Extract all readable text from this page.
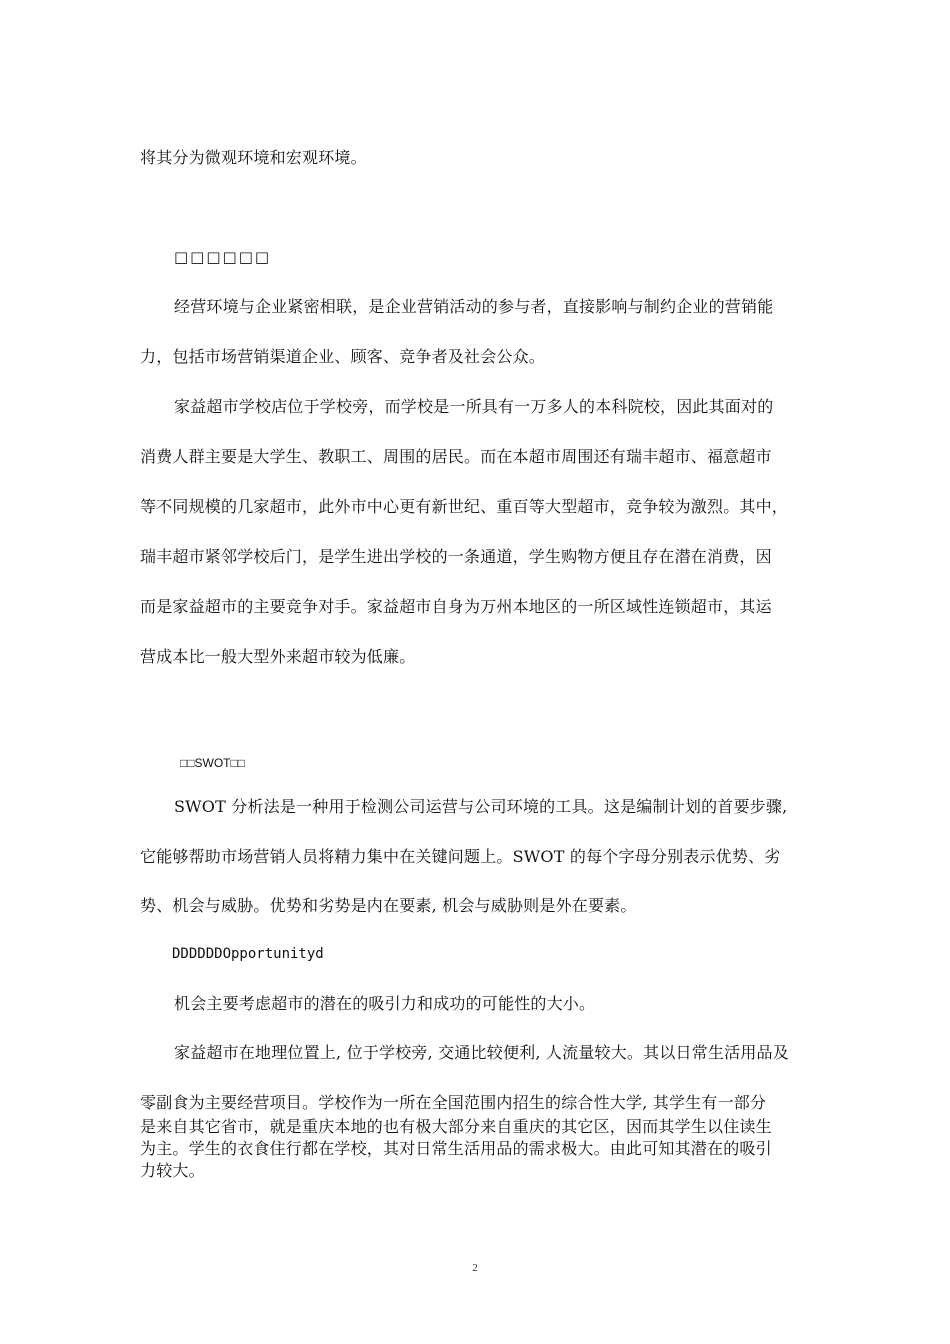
将其分为微观环境和宏观环境。
□□□□□□
经营环境与企业紧密相联，是企业营销活动的参与者，直接影响与制约企业的营销能
力，包括市场营销渠道企业、顾客、竞争者及社会公众。
家益超市学校店位于学校旁，而学校是一所具有一万多人的本科院校，因此其面对的
消费人群主要是大学生、教职工、周围的居民。而在本超市周围还有瑞丰超市、福意超市
等不同规模的几家超市，此外市中心更有新世纪、重百等大型超市，竞争较为激烈。其中，
瑞丰超市紧邻学校后门，是学生进出学校的一条通道，学生购物方便且存在潜在消费，因
而是家益超市的主要竞争对手。家益超市自身为万州本地区的一所区域性连锁超市，其运
营成本比一般大型外来超市较为低廉。
□□SWOT□□
SWOT 分析法是一种用于检测公司运营与公司环境的工具。这是编制计划的首要步骤,
它能够帮助市场营销人员将精力集中在关键问题上。SWOT 的每个字母分别表示优势、劣
势、机会与威胁。优势和劣势是内在要素, 机会与威胁则是外在要素。
DDDDDDOpportunityd
机会主要考虑超市的潜在的吸引力和成功的可能性的大小。
家益超市在地理位置上, 位于学校旁, 交通比较便利, 人流量较大。其以日常生活用品及
零副食为主要经营项目。学校作为一所在全国范围内招生的综合性大学, 其学生有一部分
是来自其它省市，就是重庆本地的也有极大部分来自重庆的其它区，因而其学生以住读生
为主。学生的衣食住行都在学校，其对日常生活用品的需求极大。由此可知其潜在的吸引
力较大。
2
